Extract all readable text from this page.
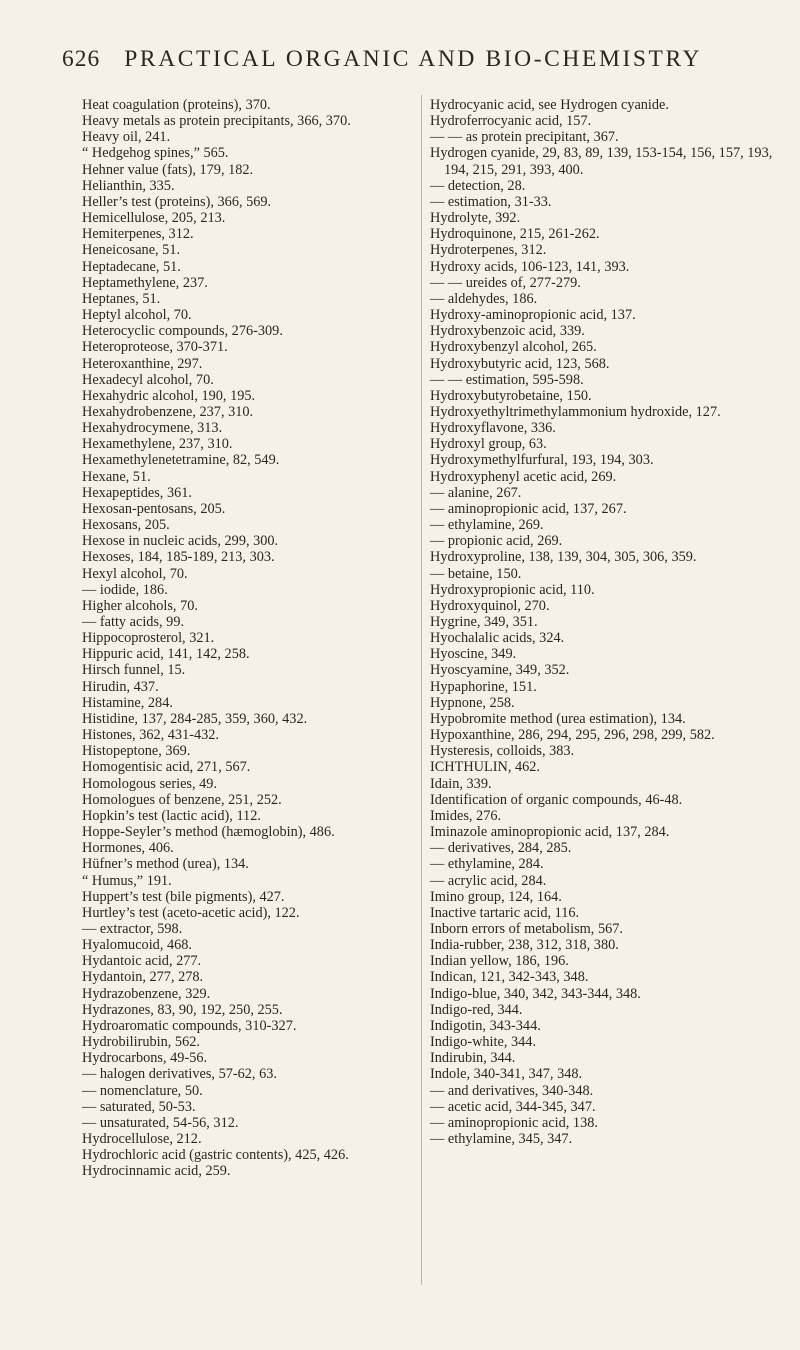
626 PRACTICAL ORGANIC AND BIO-CHEMISTRY
Heat coagulation (proteins), 370.
Heavy metals as protein precipitants, 366, 370.
Heavy oil, 241.
“ Hedgehog spines,” 565.
Hehner value (fats), 179, 182.
Helianthin, 335.
Heller’s test (proteins), 366, 569.
Hemicellulose, 205, 213.
Hemiterpenes, 312.
Heneicosane, 51.
Heptadecane, 51.
Heptamethylene, 237.
Heptanes, 51.
Heptyl alcohol, 70.
Heterocyclic compounds, 276-309.
Heteroproteose, 370-371.
Heteroxanthine, 297.
Hexadecyl alcohol, 70.
Hexahydric alcohol, 190, 195.
Hexahydrobenzene, 237, 310.
Hexahydrocymene, 313.
Hexamethylene, 237, 310.
Hexamethylenetetramine, 82, 549.
Hexane, 51.
Hexapeptides, 361.
Hexosan-pentosans, 205.
Hexosans, 205.
Hexose in nucleic acids, 299, 300.
Hexoses, 184, 185-189, 213, 303.
Hexyl alcohol, 70.
— iodide, 186.
Higher alcohols, 70.
— fatty acids, 99.
Hippocoprosterol, 321.
Hippuric acid, 141, 142, 258.
Hirsch funnel, 15.
Hirudin, 437.
Histamine, 284.
Histidine, 137, 284-285, 359, 360, 432.
Histones, 362, 431-432.
Histopeptone, 369.
Homogentisic acid, 271, 567.
Homologous series, 49.
Homologues of benzene, 251, 252.
Hopkin’s test (lactic acid), 112.
Hoppe-Seyler’s method (hæmoglobin), 486.
Hormones, 406.
Hüfner’s method (urea), 134.
“ Humus,” 191.
Huppert’s test (bile pigments), 427.
Hurtley’s test (aceto-acetic acid), 122.
— extractor, 598.
Hyalomucoid, 468.
Hydantoic acid, 277.
Hydantoin, 277, 278.
Hydrazobenzene, 329.
Hydrazones, 83, 90, 192, 250, 255.
Hydroaromatic compounds, 310-327.
Hydrobilirubin, 562.
Hydrocarbons, 49-56.
— halogen derivatives, 57-62, 63.
— nomenclature, 50.
— saturated, 50-53.
— unsaturated, 54-56, 312.
Hydrocellulose, 212.
Hydrochloric acid (gastric contents), 425, 426.
Hydrocinnamic acid, 259.
Hydrocyanic acid, see Hydrogen cyanide.
Hydroferrocyanic acid, 157.
— — as protein precipitant, 367.
Hydrogen cyanide, 29, 83, 89, 139, 153-154, 156, 157, 193, 194, 215, 291, 393, 400.
— detection, 28.
— estimation, 31-33.
Hydrolyte, 392.
Hydroquinone, 215, 261-262.
Hydroterpenes, 312.
Hydroxy acids, 106-123, 141, 393.
— — ureides of, 277-279.
— aldehydes, 186.
Hydroxy-aminopropionic acid, 137.
Hydroxybenzoic acid, 339.
Hydroxybenzyl alcohol, 265.
Hydroxybutyric acid, 123, 568.
— — estimation, 595-598.
Hydroxybutyrobetaine, 150.
Hydroxyethyltrimethylammonium hydroxide, 127.
Hydroxyflavone, 336.
Hydroxyl group, 63.
Hydroxymethylfurfural, 193, 194, 303.
Hydroxyphenyl acetic acid, 269.
— alanine, 267.
— aminopropionic acid, 137, 267.
— ethylamine, 269.
— propionic acid, 269.
Hydroxyproline, 138, 139, 304, 305, 306, 359.
— betaine, 150.
Hydroxypropionic acid, 110.
Hydroxyquinol, 270.
Hygrine, 349, 351.
Hyochalalic acids, 324.
Hyoscine, 349.
Hyoscyamine, 349, 352.
Hypaphorine, 151.
Hypnone, 258.
Hypobromite method (urea estimation), 134.
Hypoxanthine, 286, 294, 295, 296, 298, 299, 582.
Hysteresis, colloids, 383.
ICHTHULIN, 462.
Idain, 339.
Identification of organic compounds, 46-48.
Imides, 276.
Iminazole aminopropionic acid, 137, 284.
— derivatives, 284, 285.
— ethylamine, 284.
— acrylic acid, 284.
Imino group, 124, 164.
Inactive tartaric acid, 116.
Inborn errors of metabolism, 567.
India-rubber, 238, 312, 318, 380.
Indian yellow, 186, 196.
Indican, 121, 342-343, 348.
Indigo-blue, 340, 342, 343-344, 348.
Indigo-red, 344.
Indigotin, 343-344.
Indigo-white, 344.
Indirubin, 344.
Indole, 340-341, 347, 348.
— and derivatives, 340-348.
— acetic acid, 344-345, 347.
— aminopropionic acid, 138.
— ethylamine, 345, 347.
